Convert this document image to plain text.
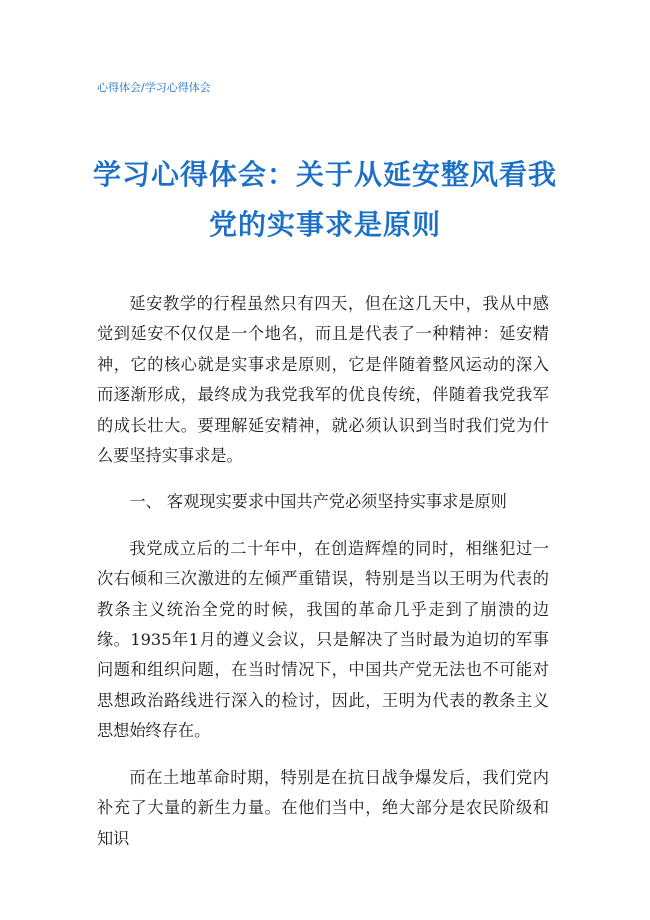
心得体会/学习心得体会
学习心得体会：关于从延安整风看我
党的实事求是原则

延安教学的行程虽然只有四天，但在这几天中，我从中感觉到延安不仅仅是一个地名，而且是代表了一种精神：延安精神，它的核心就是实事求是原则，它是伴随着整风运动的深入而逐渐形成，最终成为我党我军的优良传统，伴随着我党我军的成长壮大。要理解延安精神，就必须认识到当时我们党为什么要坚持实事求是。

一、 客观现实要求中国共产党必须坚持实事求是原则

我党成立后的二十年中，在创造辉煌的同时，相继犯过一次右倾和三次激进的左倾严重错误，特别是当以王明为代表的教条主义统治全党的时候，我国的革命几乎走到了崩溃的边缘。1935年1月的遵义会议，只是解决了当时最为迫切的军事问题和组织问题，在当时情况下，中国共产党无法也不可能对思想政治路线进行深入的检讨，因此，王明为代表的教条主义思想始终存在。

而在土地革命时期，特别是在抗日战争爆发后，我们党内补充了大量的新生力量。在他们当中，绝大部分是农民阶级和知识
